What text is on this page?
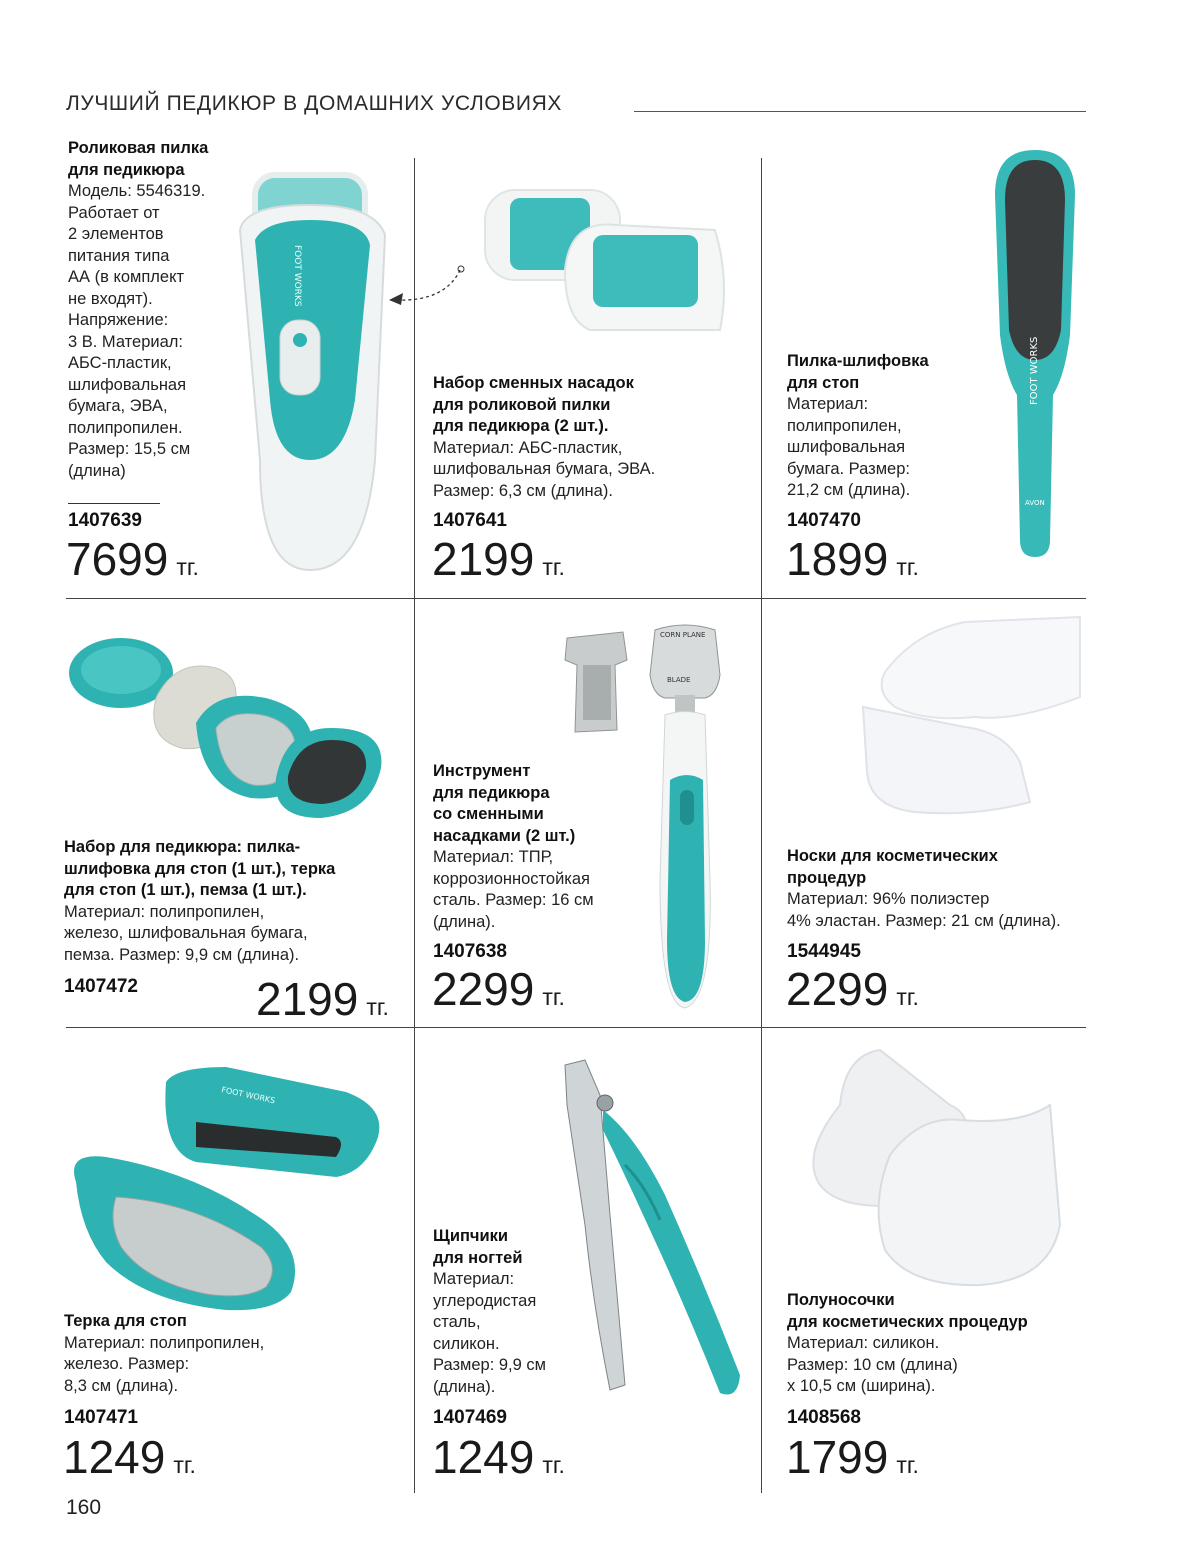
ЛУЧШИЙ ПЕДИКЮР В ДОМАШНИХ УСЛОВИЯХ
Роликовая пилка
для педикюра
Модель: 5546319.
Работает от
2 элементов
питания типа
АА (в комплект
не входят).
Напряжение:
3 В. Материал:
АБС-пластик,
шлифовальная
бумага, ЭВА,
полипропилен.
Размер: 15,5 см
(длина)
1407639
7699 тг.
FOOT WORKS
Набор сменных насадок
для роликовой пилки
для педикюра (2 шт.).
Материал: АБС-пластик,
шлифовальная бумага, ЭВА.
Размер: 6,3 см (длина).
1407641
2199 тг.
Пилка-шлифовка
для стоп
Материал:
полипропилен,
шлифовальная
бумага. Размер:
21,2 см (длина).
1407470
1899 тг.
FOOT WORKS
AVON
Набор для педикюра: пилка-
шлифовка для стоп (1 шт.), терка
для стоп (1 шт.), пемза (1 шт.).
Материал: полипропилен,
железо, шлифовальная бумага,
пемза. Размер: 9,9 см (длина).
1407472	2199 тг.
Инструмент
для педикюра
со сменными
насадками (2 шт.)
Материал: ТПР,
коррозионностойкая
сталь. Размер: 16 см
(длина).
1407638
2299 тг.
CORN PLANE
BLADE
Носки для косметических
процедур
Материал: 96% полиэстер
4% эластан. Размер: 21 см (длина).
1544945
2299 тг.
FOOT WORKS
Терка для стоп
Материал: полипропилен,
железо. Размер:
8,3 см (длина).
1407471
1249 тг.
Щипчики
для ногтей
Материал:
углеродистая
сталь,
силикон.
Размер: 9,9 см
(длина).
1407469
1249 тг.
Полуносочки
для косметических процедур
Материал: силикон.
Размер: 10 см (длина)
х 10,5 см (ширина).
1408568
1799 тг.
160
